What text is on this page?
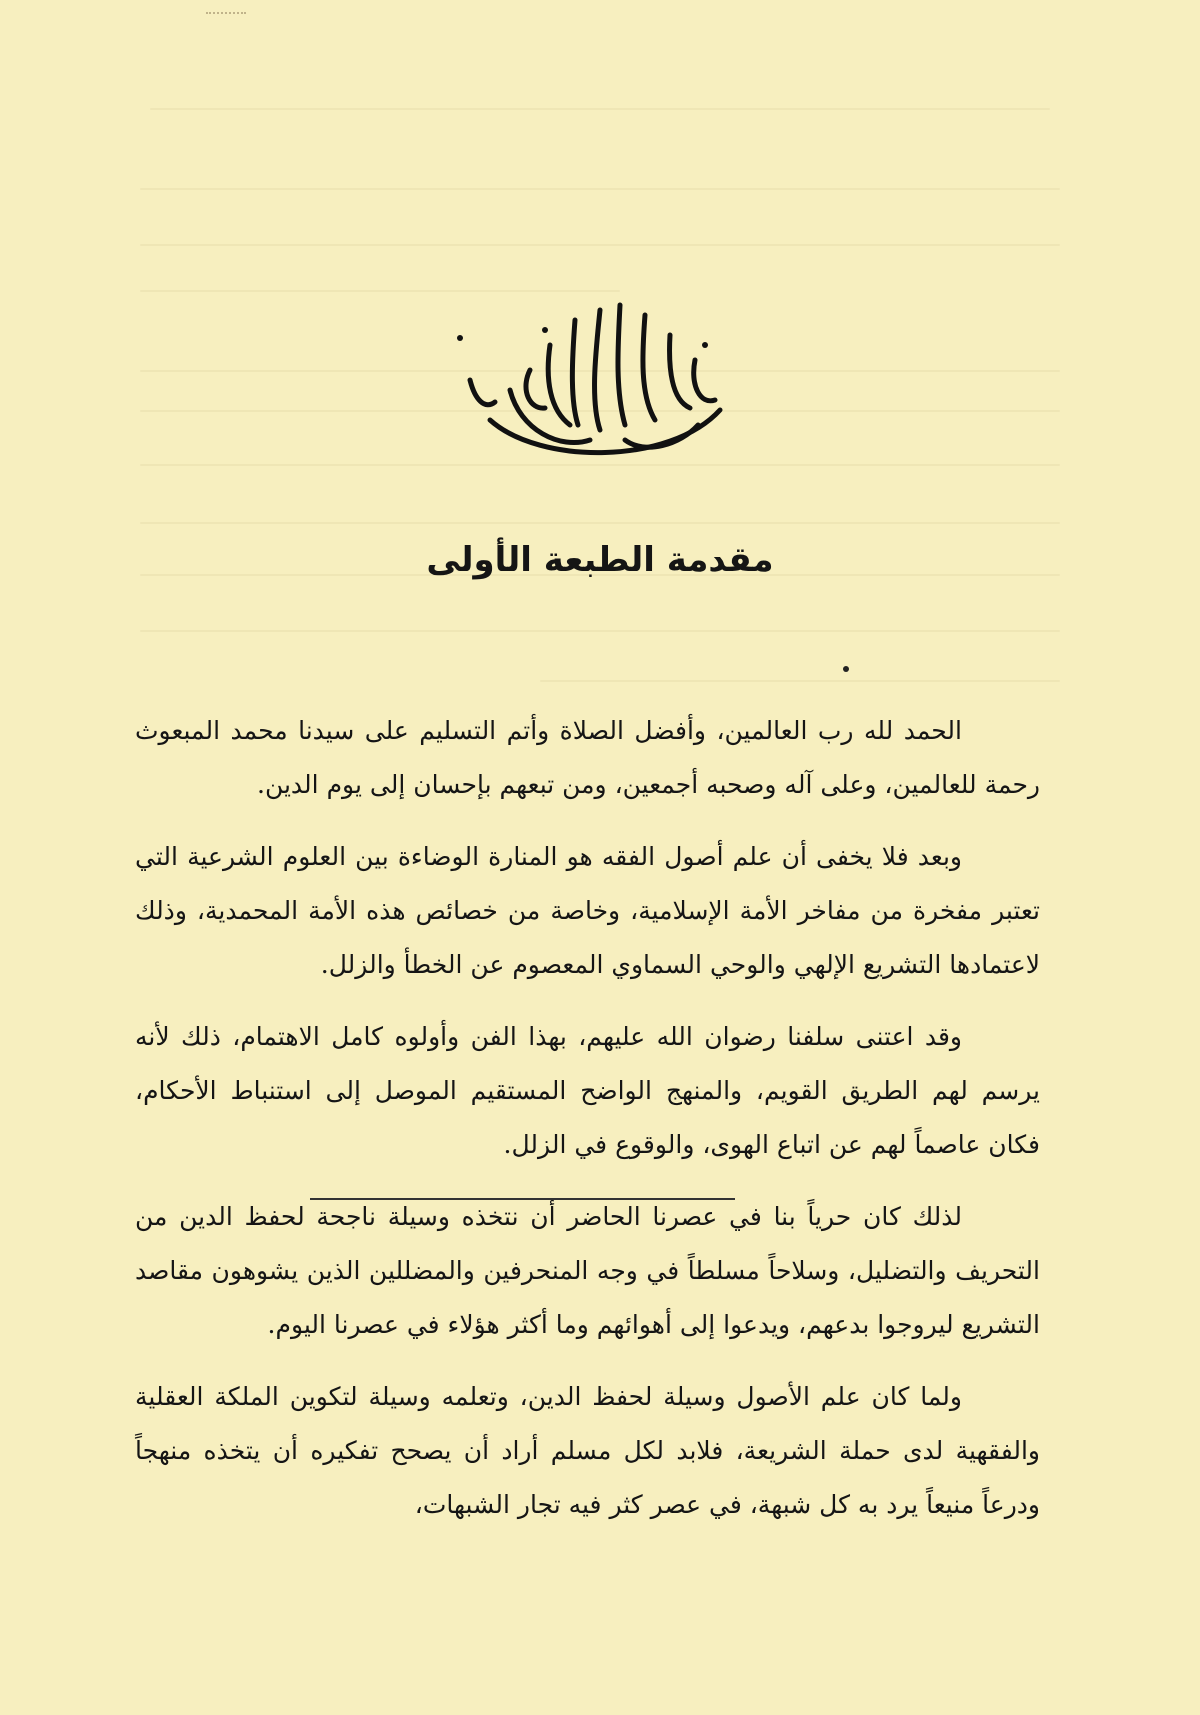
مقدمة الطبعة الأولى

الحمد لله رب العالمين، وأفضل الصلاة وأتم التسليم على سيدنا محمد المبعوث رحمة للعالمين، وعلى آله وصحبه أجمعين، ومن تبعهم بإحسان إلى يوم الدين.

وبعد فلا يخفى أن علم أصول الفقه هو المنارة الوضاءة بين العلوم الشرعية التي تعتبر مفخرة من مفاخر الأمة الإسلامية، وخاصة من خصائص هذه الأمة المحمدية، وذلك لاعتمادها التشريع الإلهي والوحي السماوي المعصوم عن الخطأ والزلل.

وقد اعتنى سلفنا رضوان الله عليهم، بهذا الفن وأولوه كامل الاهتمام، ذلك لأنه يرسم لهم الطريق القويم، والمنهج الواضح المستقيم الموصل إلى استنباط الأحكام، فكان عاصماً لهم عن اتباع الهوى، والوقوع في الزلل.

لذلك كان حرياً بنا في عصرنا الحاضر أن نتخذه وسيلة ناجحة لحفظ الدين من التحريف والتضليل، وسلاحاً مسلطاً في وجه المنحرفين والمضللين الذين يشوهون مقاصد التشريع ليروجوا بدعهم، ويدعوا إلى أهوائهم وما أكثر هؤلاء في عصرنا اليوم.

ولما كان علم الأصول وسيلة لحفظ الدين، وتعلمه وسيلة لتكوين الملكة العقلية والفقهية لدى حملة الشريعة، فلابد لكل مسلم أراد أن يصحح تفكيره أن يتخذه منهجاً ودرعاً منيعاً يرد به كل شبهة، في عصر كثر فيه تجار الشبهات،
